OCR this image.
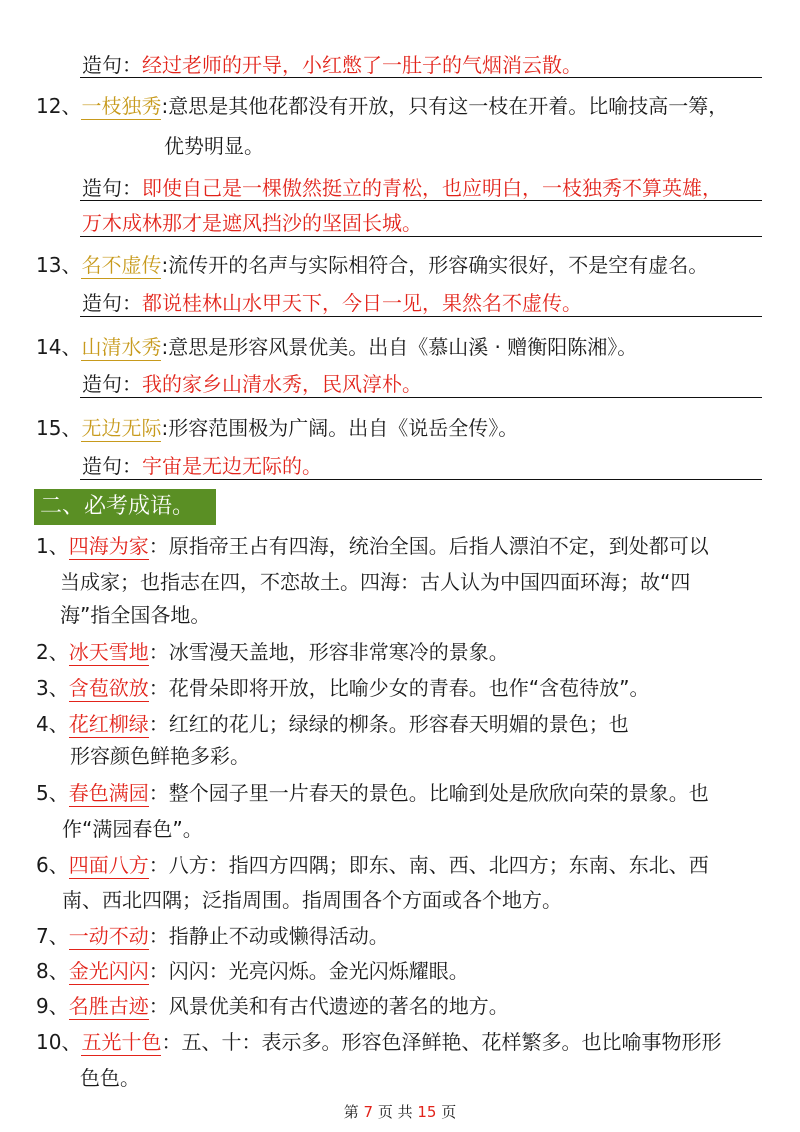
造句：经过老师的开导，小红憋了一肚子的气烟消云散。
12、一枝独秀:意思是其他花都没有开放，只有这一枝在开着。比喻技高一筹，
优势明显。
造句：即使自己是一棵傲然挺立的青松，也应明白，一枝独秀不算英雄，
万木成林那才是遮风挡沙的坚固长城。
13、名不虚传:流传开的名声与实际相符合，形容确实很好，不是空有虚名。
造句：都说桂林山水甲天下，今日一见，果然名不虚传。
14、山清水秀:意思是形容风景优美。出自《慕山溪 · 赠衡阳陈湘》。
造句：我的家乡山清水秀，民风淳朴。
15、无边无际:形容范围极为广阔。出自《说岳全传》。
造句：宇宙是无边无际的。
二、必考成语。
1、四海为家：原指帝王占有四海，统治全国。后指人漂泊不定，到处都可以
当成家；也指志在四，不恋故土。四海：古人认为中国四面环海；故“四
海”指全国各地。
2、冰天雪地：冰雪漫天盖地，形容非常寒冷的景象。
3、含苞欲放：花骨朵即将开放，比喻少女的青春。也作“含苞待放”。
4、花红柳绿：红红的花儿；绿绿的柳条。形容春天明媚的景色；也
形容颜色鲜艳多彩。
5、春色满园：整个园子里一片春天的景色。比喻到处是欣欣向荣的景象。也
作“满园春色”。
6、四面八方：八方：指四方四隅；即东、南、西、北四方；东南、东北、西
南、西北四隅；泛指周围。指周围各个方面或各个地方。
7、一动不动：指静止不动或懒得活动。
8、金光闪闪：闪闪：光亮闪烁。金光闪烁耀眼。
9、名胜古迹：风景优美和有古代遗迹的著名的地方。
10、五光十色：五、十：表示多。形容色泽鲜艳、花样繁多。也比喻事物形形
色色。
第 7 页 共 15 页
